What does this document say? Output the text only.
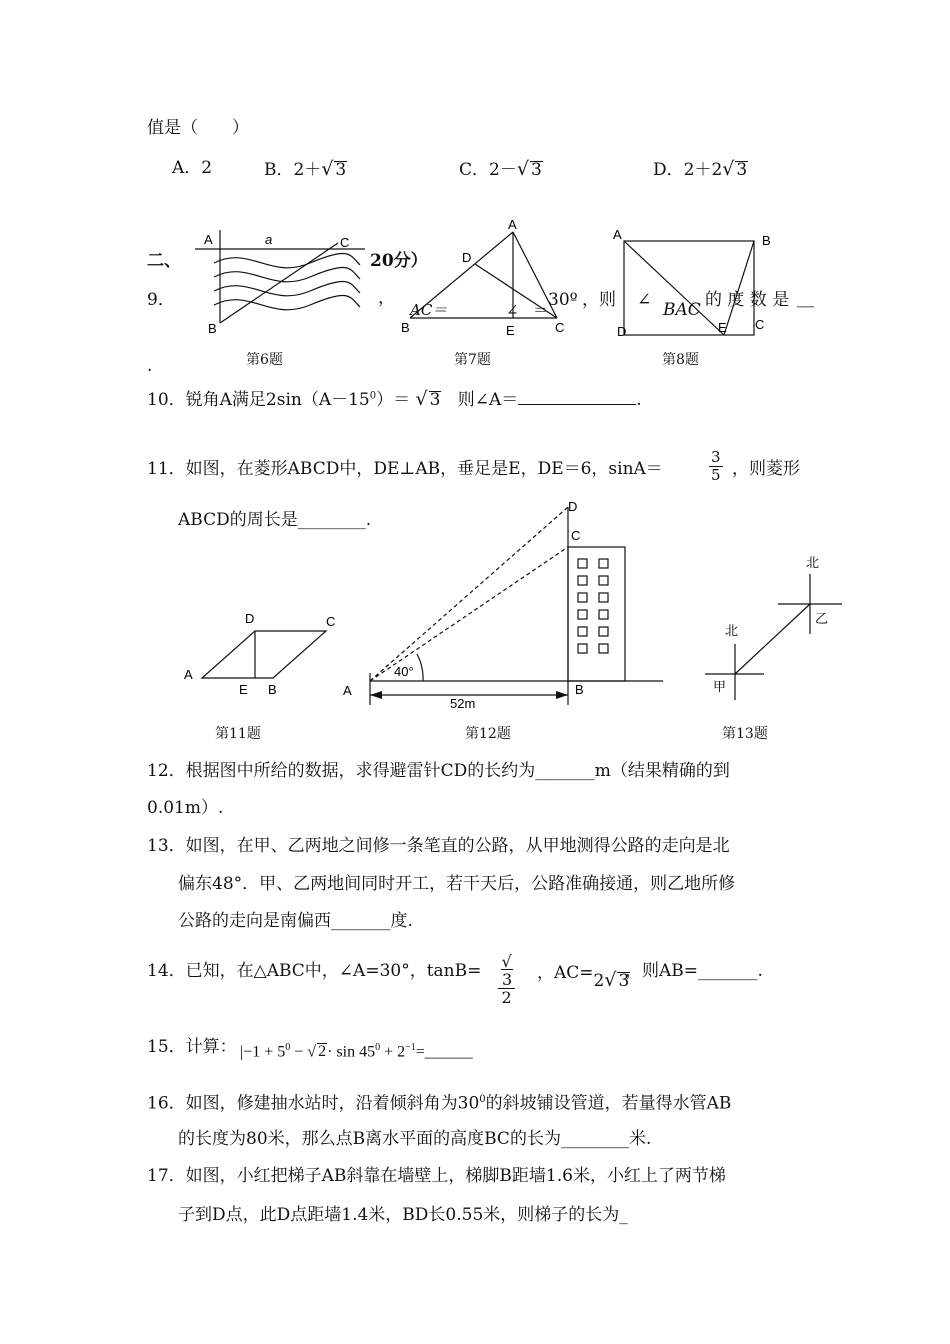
值是（　　）
A．2	B．2＋√ 3	C．2－√ 3	D．2＋2√ 3
二、	20分）
9．	，
AC＝	∠ ＝ 30º ，则 ∠ BAC 的 度 数 是 ＿
.
A	a	C
B
第6题
A
D
B	E	C
第7题
A	B
D	E C
第8题
10．锐角A满足$2\sin(A-15^0)=$ √ 3 则∠A＝	.
11．如图，在菱形ABCD中，DE⊥AB，垂足是E，DE＝6，sinA＝	$\frac{3}{5}$ ，则菱形
ABCD的周长是________.
D	C
A
E B
第11题
D
C
A	B
40°
52m
第12题
北
北
乙
甲
第13题
12．根据图中所给的数据，求得避雷针CD的长约为_______m（结果精确的到
0.01m）.
13．如图，在甲、乙两地之间修一条笔直的公路，从甲地测得公路的走向是北
偏东48°．甲、乙两地间同时开工，若干天后，公路准确接通，则乙地所修
公路的走向是南偏西_______度.
14．已知，在△ABC中，∠A=30°，tanB= √
3
2 ，AC=2√ 3
，则AB=_______.
15．计算： $|-1 + 5^0$ − √ $2\cdot \sin 45^0$ + $2^{-1}=\_\_\_\_\_\_$
16．如图，修建抽水站时，沿着倾斜角为$30^0$的斜坡铺设管道，若量得水管AB
的长度为80米，那么点B离水平面的高度BC的长为________米.
17．如图，小红把梯子AB斜靠在墙壁上，梯脚B距墙1.6米，小红上了两节梯
子到D点，此D点距墙1.4米，BD长0.55米，则梯子的长为_
